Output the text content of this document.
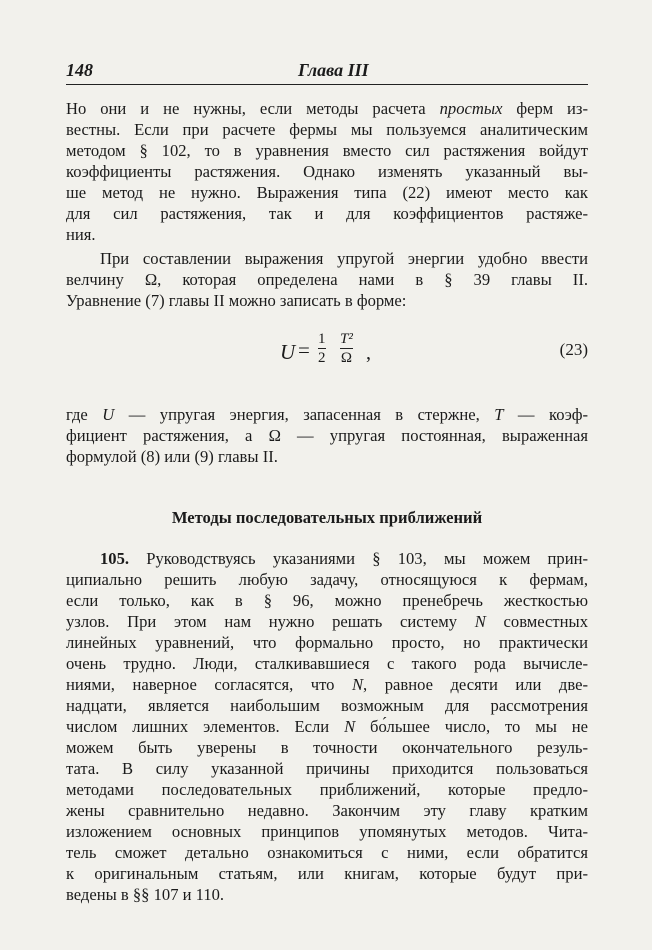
148	Глава III
Но они и не нужны, если методы расчета простых ферм из-
вестны. Если при расчете фермы мы пользуемся аналитическим
методом § 102, то в уравнения вместо сил растяжения войдут
коэффициенты растяжения. Однако изменять указанный вы-
ше метод не нужно. Выражения типа (22) имеют место как
для сил растяжения, так и для коэффициентов растяже-
ния.
При составлении выражения упругой энергии удобно ввести
велчину Ω, которая определена нами в § 39 главы II.
Уравнение (7) главы II можно записать в форме:
$U = \frac{1}{2} \frac{\text{T²}}{\Omega}$ ,	(23)
где U — упругая энергия, запасенная в стержне, T — коэф-
фициент растяжения, а Ω — упругая постоянная, выраженная
формулой (8) или (9) главы II.
Методы последовательных приближений
105. Руководствуясь указаниями § 103, мы можем прин-
ципиально решить любую задачу, относящуюся к фермам,
если только, как в § 96, можно пренебречь жесткостью
узлов. При этом нам нужно решать систему N совместных
линейных уравнений, что формально просто, но практически
очень трудно. Люди, сталкивавшиеся с такого рода вычисле-
ниями, наверное согласятся, что N, равное десяти или две-
надцати, является наибольшим возможным для рассмотрения
числом лишних элементов. Если N бо́льшее число, то мы не
можем быть уверены в точности окончательного резуль-
тата. В силу указанной причины приходится пользоваться
методами последовательных приближений, которые предло-
жены сравнительно недавно. Закончим эту главу кратким
изложением основных принципов упомянутых методов. Чита-
тель сможет детально ознакомиться с ними, если обратится
к оригинальным статьям, или книгам, которые будут при-
ведены в §§ 107 и 110.
